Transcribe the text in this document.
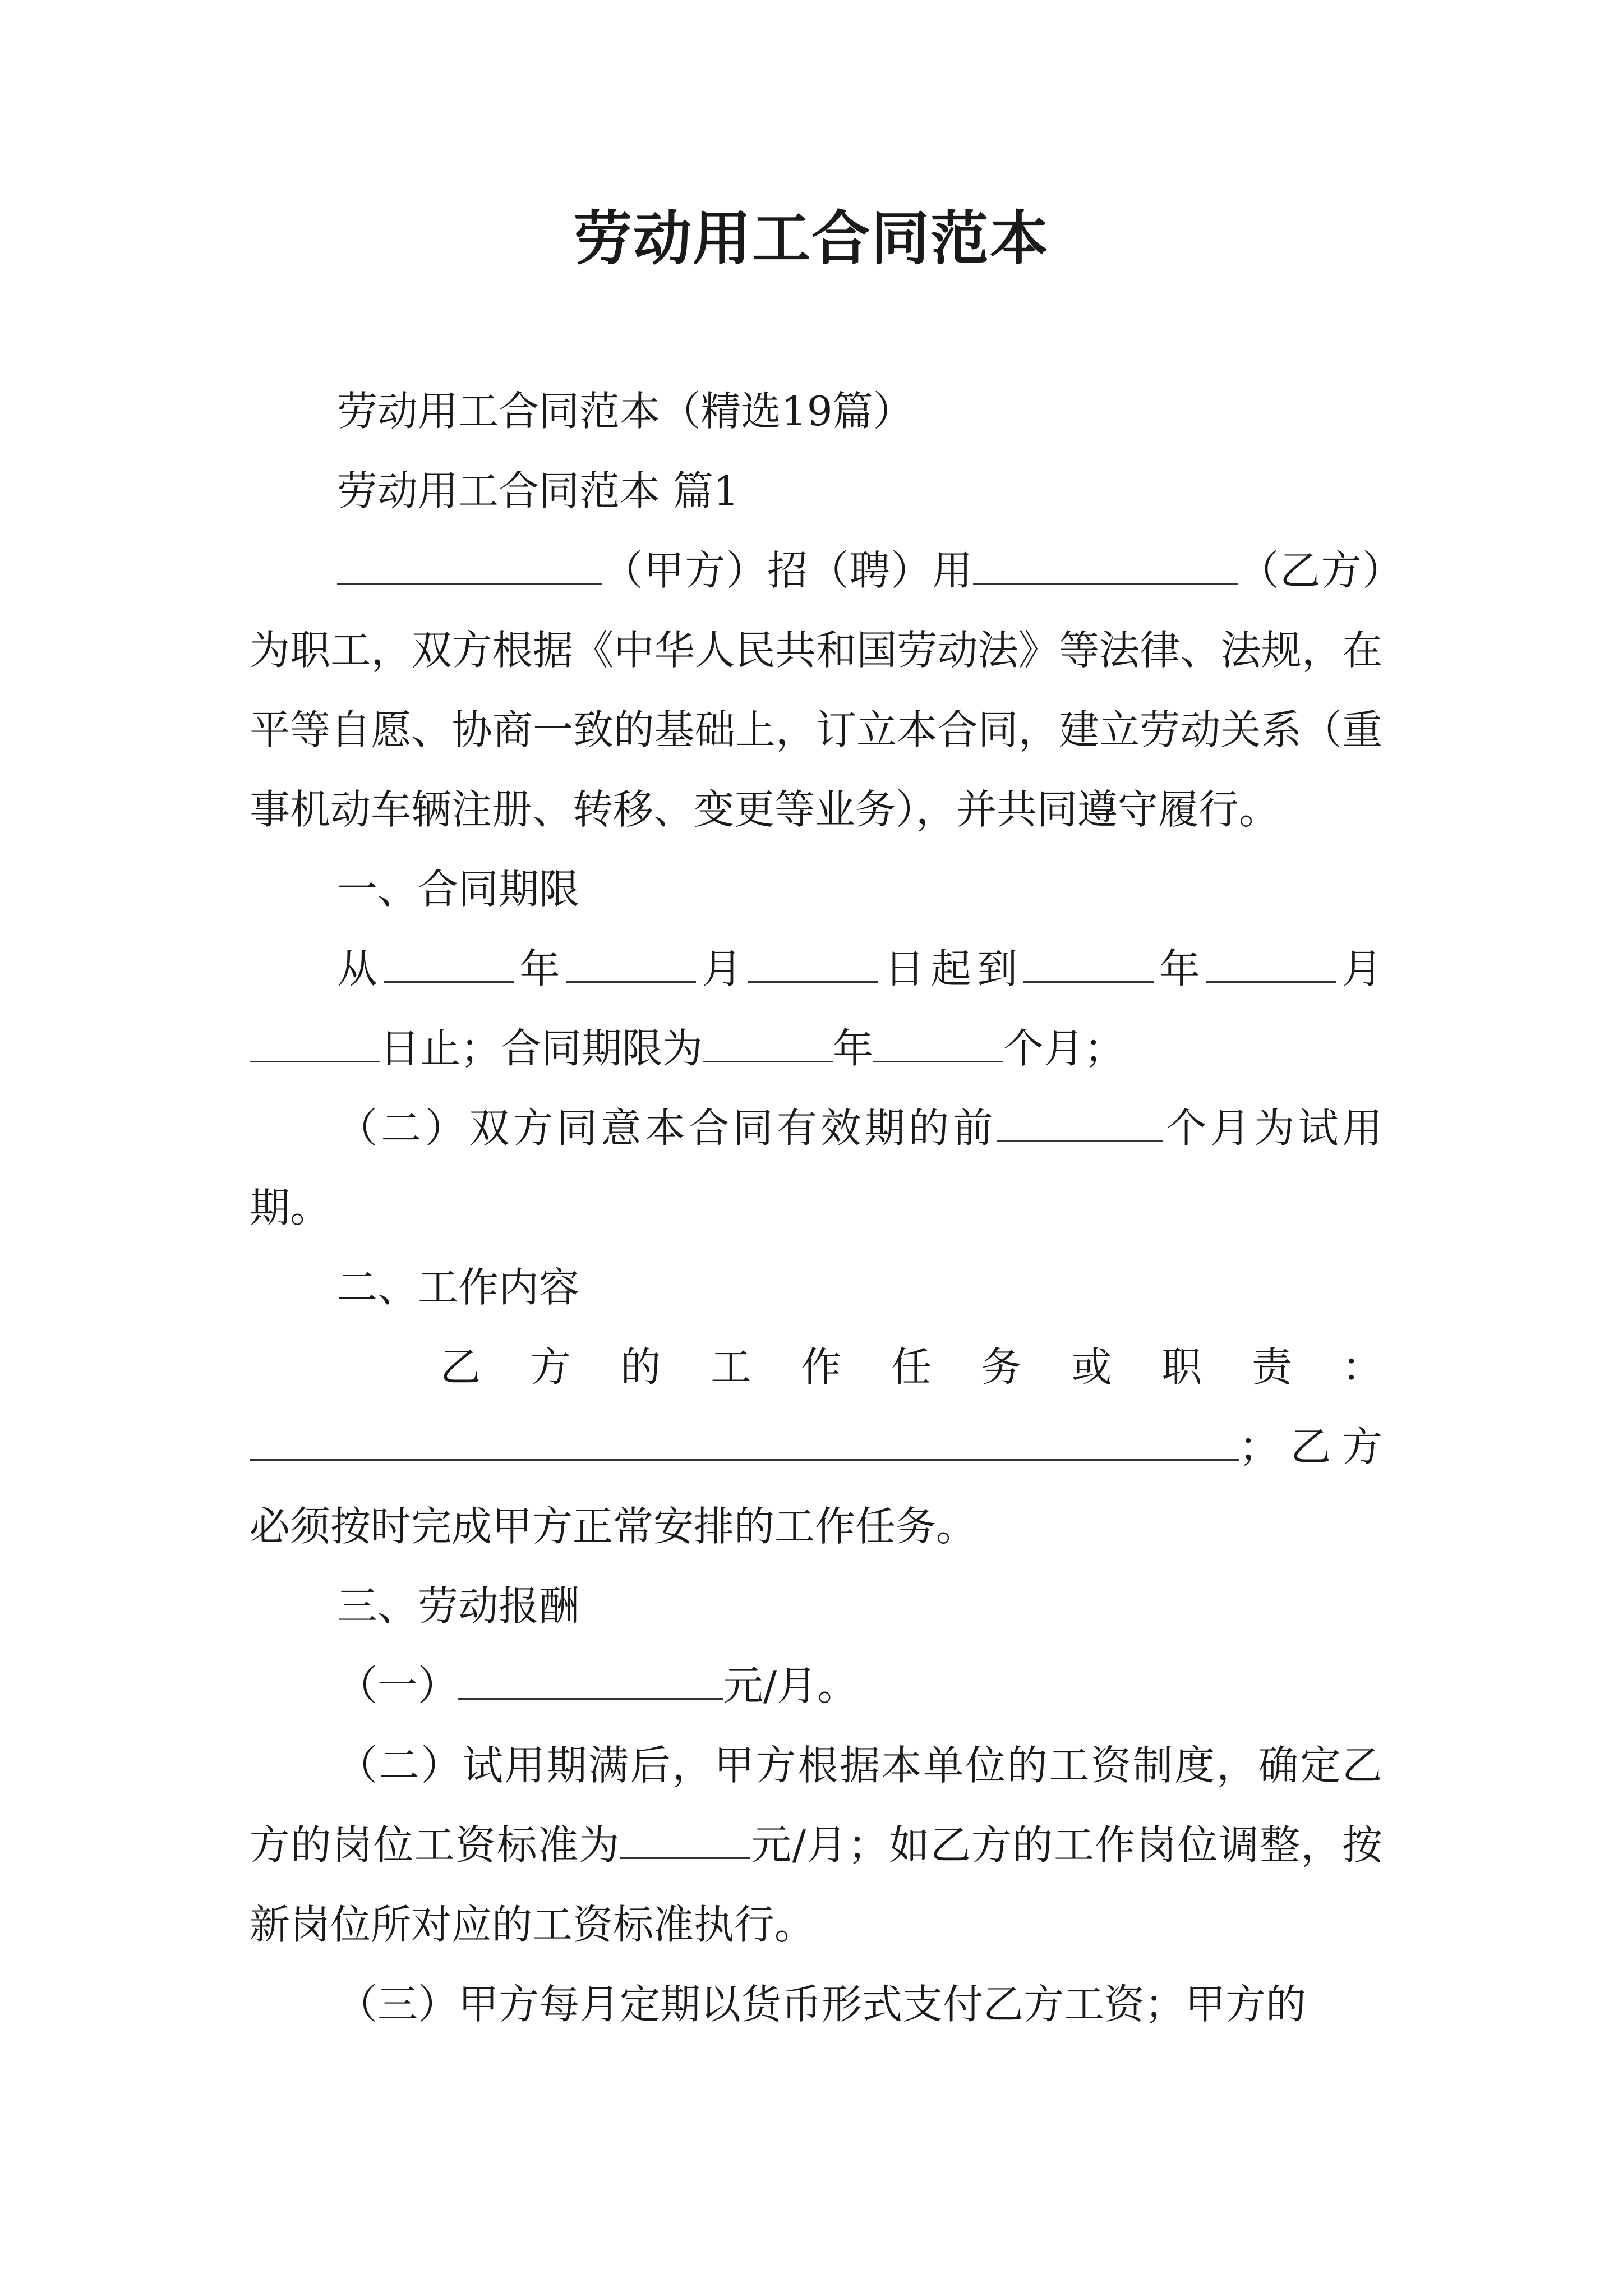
劳动用工合同范本

劳动用工合同范本（精选19篇）

劳动用工合同范本 篇1

（甲方）招（聘）用	（乙方）为职工，双方根据《中华人民共和国劳动法》等法律、法规，在平等自愿、协商一致的基础上，订立本合同，建立劳动关系（重事机动车辆注册、转移、变更等业务），并共同遵守履行。

一、合同期限

从	年	月	日起到	年	月日止；合同期限为	年	个月；

（二）双方同意本合同有效期的前	个月为试用期。

二、工作内容

乙 方 的 工 作 任 务 或 职 责 ：
；乙方必须按时完成甲方正常安排的工作任务。

三、劳动报酬

（一）	元/月。

（二）试用期满后，甲方根据本单位的工资制度，确定乙方的岗位工资标准为	元/月；如乙方的工作岗位调整，按新岗位所对应的工资标准执行。

（三）甲方每月定期以货币形式支付乙方工资；甲方的
